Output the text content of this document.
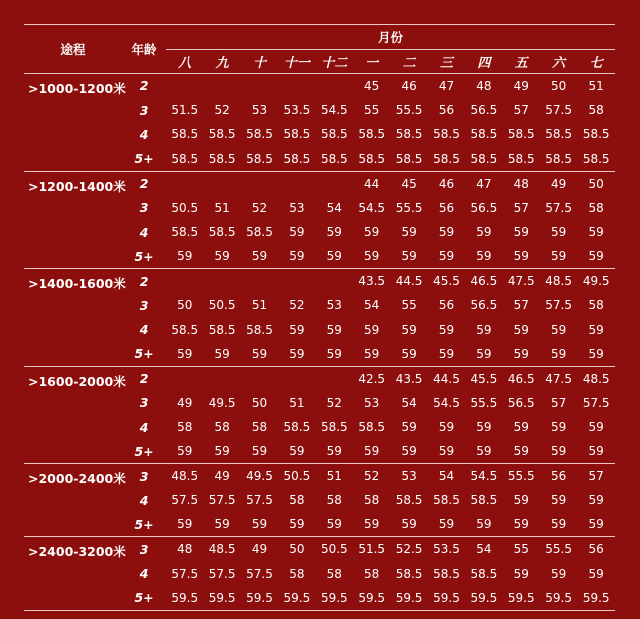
途程	年龄	月份											
		八	九	十	十一	十二	一	二	三	四	五	六	七
>1000-1200米	2						45	46	47	48	49	50	51
	3	51.5	52	53	53.5	54.5	55	55.5	56	56.5	57	57.5	58
	4	58.5	58.5	58.5	58.5	58.5	58.5	58.5	58.5	58.5	58.5	58.5	58.5
	5+	58.5	58.5	58.5	58.5	58.5	58.5	58.5	58.5	58.5	58.5	58.5	58.5
>1200-1400米	2						44	45	46	47	48	49	50
	3	50.5	51	52	53	54	54.5	55.5	56	56.5	57	57.5	58
	4	58.5	58.5	58.5	59	59	59	59	59	59	59	59	59
	5+	59	59	59	59	59	59	59	59	59	59	59	59
>1400-1600米	2						43.5	44.5	45.5	46.5	47.5	48.5	49.5
	3	50	50.5	51	52	53	54	55	56	56.5	57	57.5	58
	4	58.5	58.5	58.5	59	59	59	59	59	59	59	59	59
	5+	59	59	59	59	59	59	59	59	59	59	59	59
>1600-2000米	2						42.5	43.5	44.5	45.5	46.5	47.5	48.5
	3	49	49.5	50	51	52	53	54	54.5	55.5	56.5	57	57.5
	4	58	58	58	58.5	58.5	58.5	59	59	59	59	59	59
	5+	59	59	59	59	59	59	59	59	59	59	59	59
>2000-2400米	3	48.5	49	49.5	50.5	51	52	53	54	54.5	55.5	56	57
	4	57.5	57.5	57.5	58	58	58	58.5	58.5	58.5	59	59	59
	5+	59	59	59	59	59	59	59	59	59	59	59	59
>2400-3200米	3	48	48.5	49	50	50.5	51.5	52.5	53.5	54	55	55.5	56
	4	57.5	57.5	57.5	58	58	58	58.5	58.5	58.5	59	59	59
	5+	59.5	59.5	59.5	59.5	59.5	59.5	59.5	59.5	59.5	59.5	59.5	59.5
